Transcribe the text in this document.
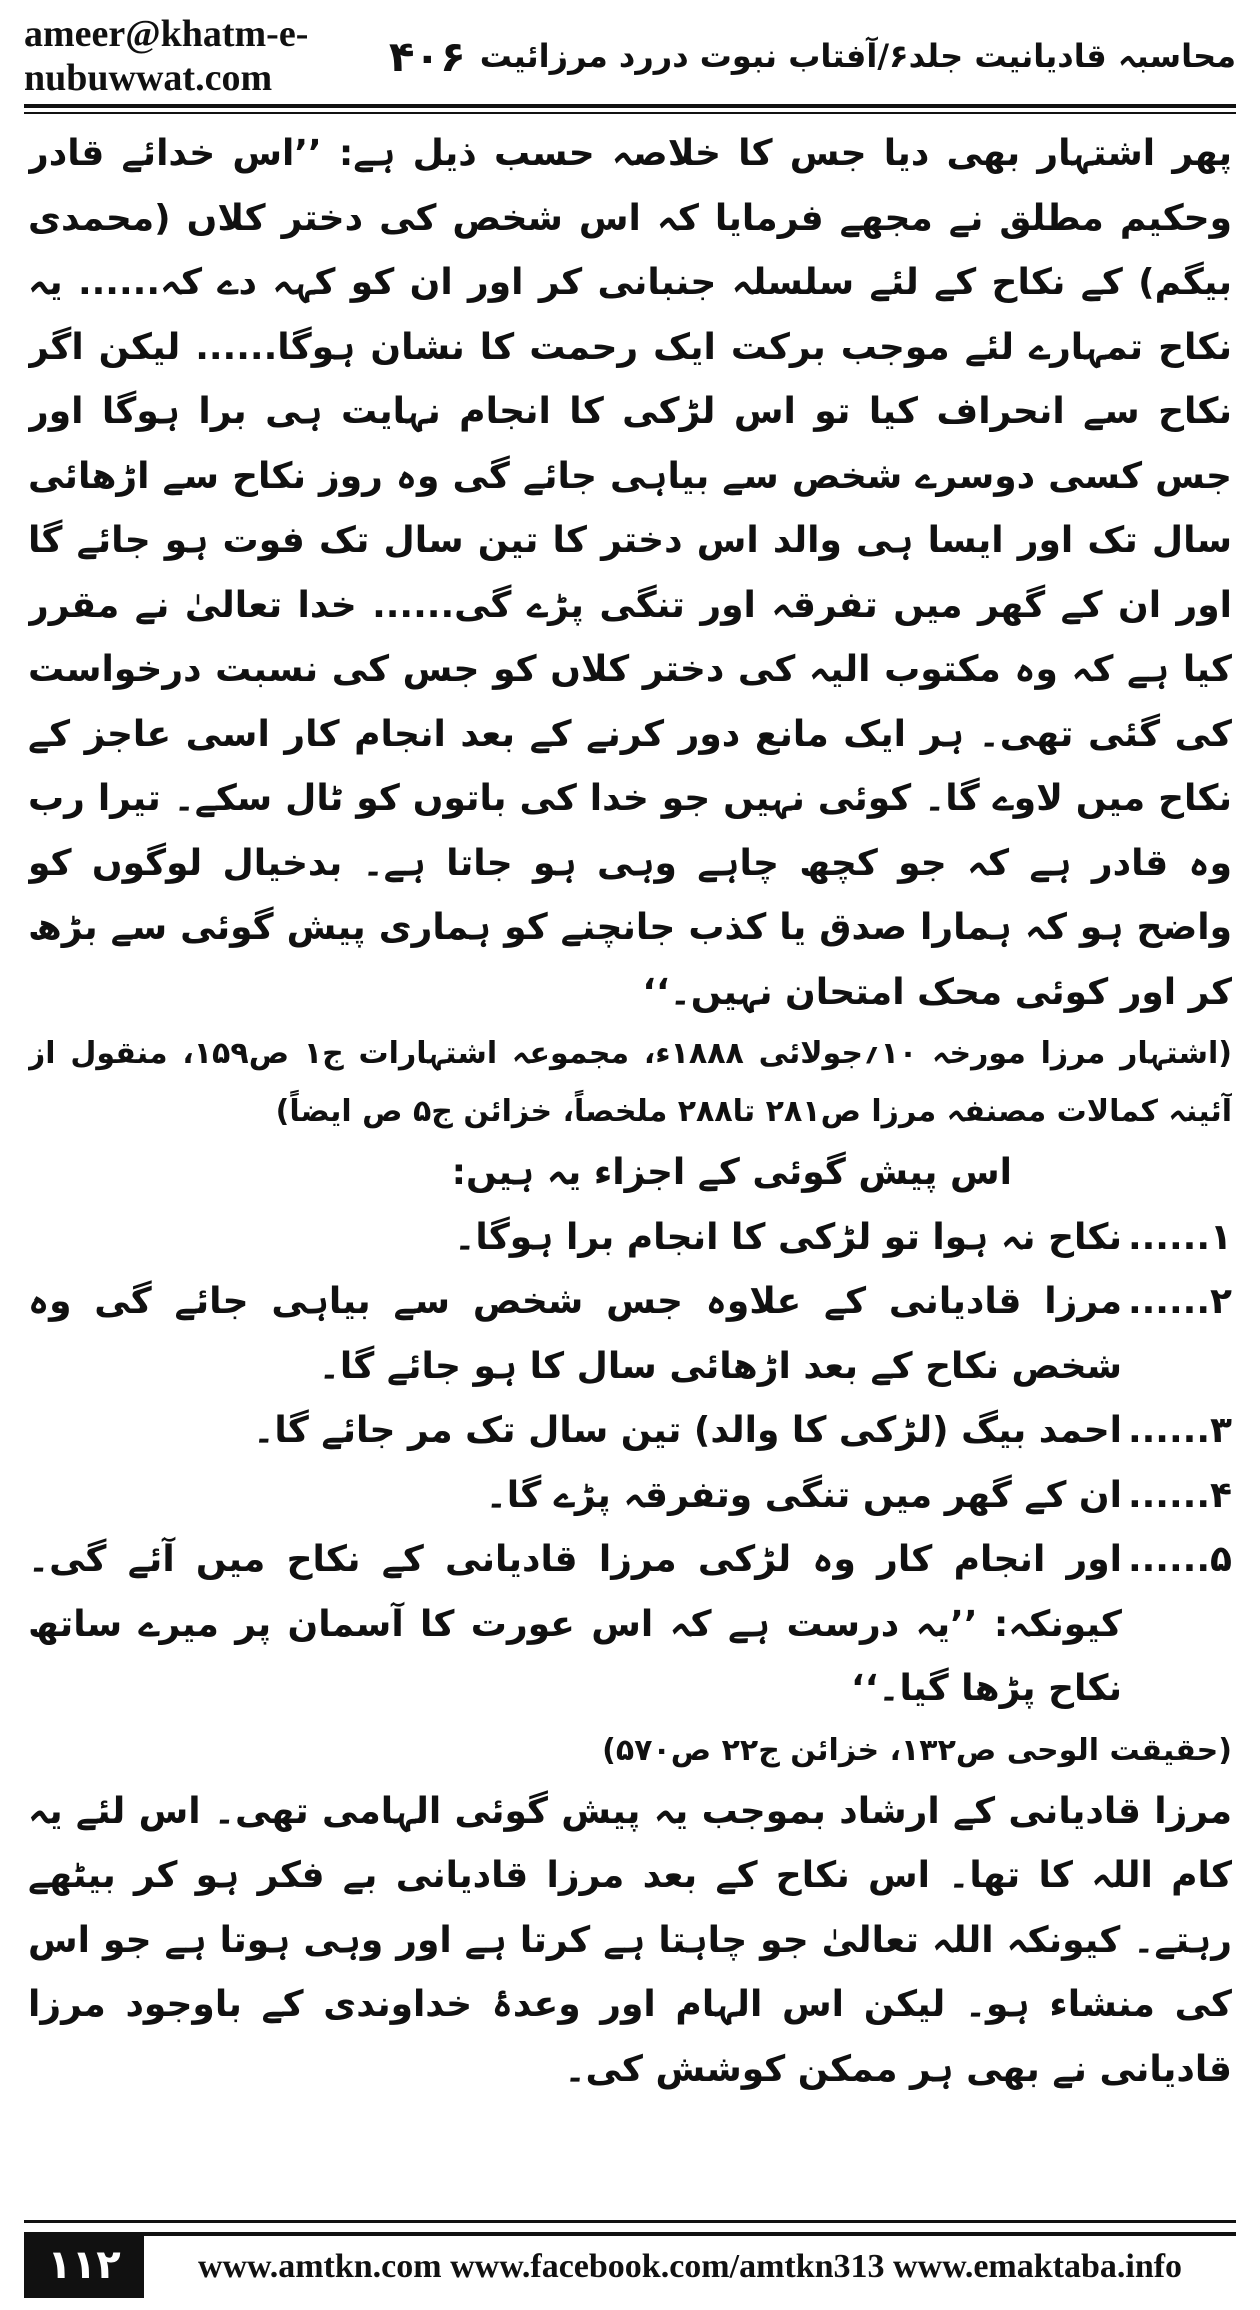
ameer@khatm-e-nubuwwat.com
محاسبہ قادیانیت جلد۶/آفتاب نبوت دررد مرزائیت
۴۰۶

پھر اشتہار بھی دیا جس کا خلاصہ حسب ذیل ہے: ’’اس خدائے قادر وحکیم مطلق نے مجھے فرمایا کہ اس شخص کی دختر کلاں (محمدی بیگم) کے نکاح کے لئے سلسلہ جنبانی کر اور ان کو کہہ دے کہ...... یہ نکاح تمہارے لئے موجب برکت ایک رحمت کا نشان ہوگا...... لیکن اگر نکاح سے انحراف کیا تو اس لڑکی کا انجام نہایت ہی برا ہوگا اور جس کسی دوسرے شخص سے بیاہی جائے گی وہ روز نکاح سے اڑھائی سال تک اور ایسا ہی والد اس دختر کا تین سال تک فوت ہو جائے گا اور ان کے گھر میں تفرقہ اور تنگی پڑے گی...... خدا تعالیٰ نے مقرر کیا ہے کہ وہ مکتوب الیہ کی دختر کلاں کو جس کی نسبت درخواست کی گئی تھی۔ ہر ایک مانع دور کرنے کے بعد انجام کار اسی عاجز کے نکاح میں لاوے گا۔ کوئی نہیں جو خدا کی باتوں کو ٹال سکے۔ تیرا رب وہ قادر ہے کہ جو کچھ چاہے وہی ہو جاتا ہے۔ بدخیال لوگوں کو واضح ہو کہ ہمارا صدق یا کذب جانچنے کو ہماری پیش گوئی سے بڑھ کر اور کوئی محک امتحان نہیں۔‘‘

(اشتہار مرزا مورخہ ۱۰؍جولائی ۱۸۸۸ء، مجموعہ اشتہارات ج۱ ص۱۵۹، منقول از آئینہ کمالات مصنفہ مرزا ص۲۸۱ تا۲۸۸ ملخصاً، خزائن ج۵ ص ایضاً)

اس پیش گوئی کے اجزاء یہ ہیں:

۱......
نکاح نہ ہوا تو لڑکی کا انجام برا ہوگا۔
۲......
مرزا قادیانی کے علاوہ جس شخص سے بیاہی جائے گی وہ شخص نکاح کے بعد اڑھائی سال کا ہو جائے گا۔
۳......
احمد بیگ (لڑکی کا والد) تین سال تک مر جائے گا۔
۴......
ان کے گھر میں تنگی وتفرقہ پڑے گا۔
۵......
اور انجام کار وہ لڑکی مرزا قادیانی کے نکاح میں آئے گی۔ کیونکہ: ’’یہ درست ہے کہ اس عورت کا آسمان پر میرے ساتھ نکاح پڑھا گیا۔‘‘

(حقیقت الوحی ص۱۳۲، خزائن ج۲۲ ص۵۷۰)

مرزا قادیانی کے ارشاد بموجب یہ پیش گوئی الہامی تھی۔ اس لئے یہ کام اللہ کا تھا۔ اس نکاح کے بعد مرزا قادیانی بے فکر ہو کر بیٹھے رہتے۔ کیونکہ اللہ تعالیٰ جو چاہتا ہے کرتا ہے اور وہی ہوتا ہے جو اس کی منشاء ہو۔ لیکن اس الہام اور وعدۂ خداوندی کے باوجود مرزا قادیانی نے بھی ہر ممکن کوشش کی۔

۱۱۲	www.amtkn.com www.facebook.com/amtkn313 www.emaktaba.info
